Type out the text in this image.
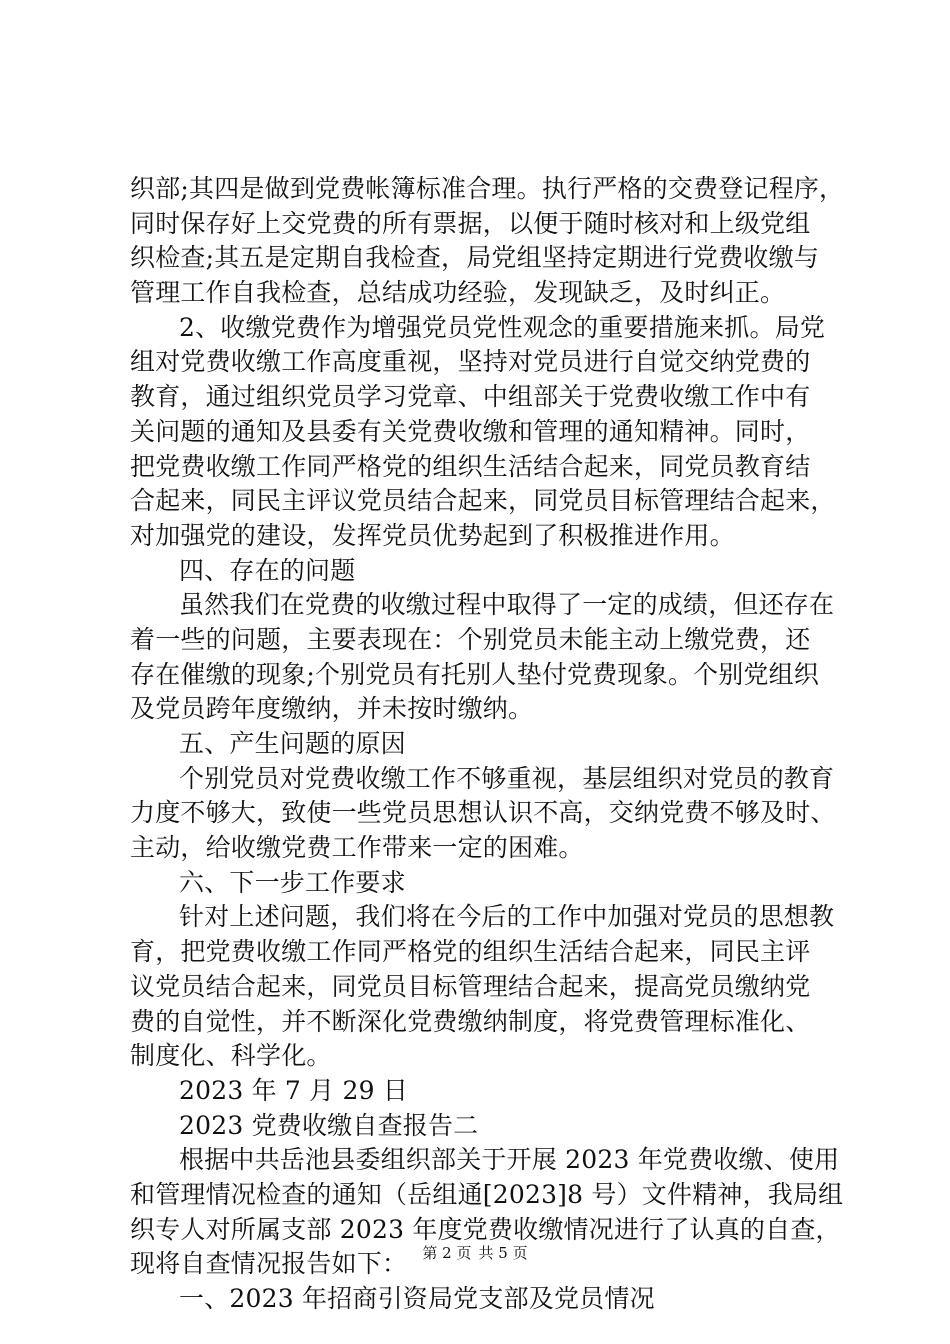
织部;其四是做到党费帐簿标准合理。执行严格的交费登记程序，
同时保存好上交党费的所有票据，以便于随时核对和上级党组
织检查;其五是定期自我检查，局党组坚持定期进行党费收缴与
管理工作自我检查，总结成功经验，发现缺乏，及时纠正。
2、收缴党费作为增强党员党性观念的重要措施来抓。局党
组对党费收缴工作高度重视，坚持对党员进行自觉交纳党费的
教育，通过组织党员学习党章、中组部关于党费收缴工作中有
关问题的通知及县委有关党费收缴和管理的通知精神。同时，
把党费收缴工作同严格党的组织生活结合起来，同党员教育结
合起来，同民主评议党员结合起来，同党员目标管理结合起来，
对加强党的建设，发挥党员优势起到了积极推进作用。
四、存在的问题
虽然我们在党费的收缴过程中取得了一定的成绩，但还存在
着一些的问题，主要表现在：个别党员未能主动上缴党费，还
存在催缴的现象;个别党员有托别人垫付党费现象。个别党组织
及党员跨年度缴纳，并未按时缴纳。
五、产生问题的原因
个别党员对党费收缴工作不够重视，基层组织对党员的教育
力度不够大，致使一些党员思想认识不高，交纳党费不够及时、
主动，给收缴党费工作带来一定的困难。
六、下一步工作要求
针对上述问题，我们将在今后的工作中加强对党员的思想教
育，把党费收缴工作同严格党的组织生活结合起来，同民主评
议党员结合起来，同党员目标管理结合起来，提高党员缴纳党
费的自觉性，并不断深化党费缴纳制度，将党费管理标准化、
制度化、科学化。
2023 年 7 月 29 日
2023 党费收缴自查报告二
根据中共岳池县委组织部关于开展 2023 年党费收缴、使用
和管理情况检查的通知（岳组通[2023]8 号）文件精神，我局组
织专人对所属支部 2023 年度党费收缴情况进行了认真的自查，
现将自查情况报告如下：
一、2023 年招商引资局党支部及党员情况
第 2 页 共 5 页
